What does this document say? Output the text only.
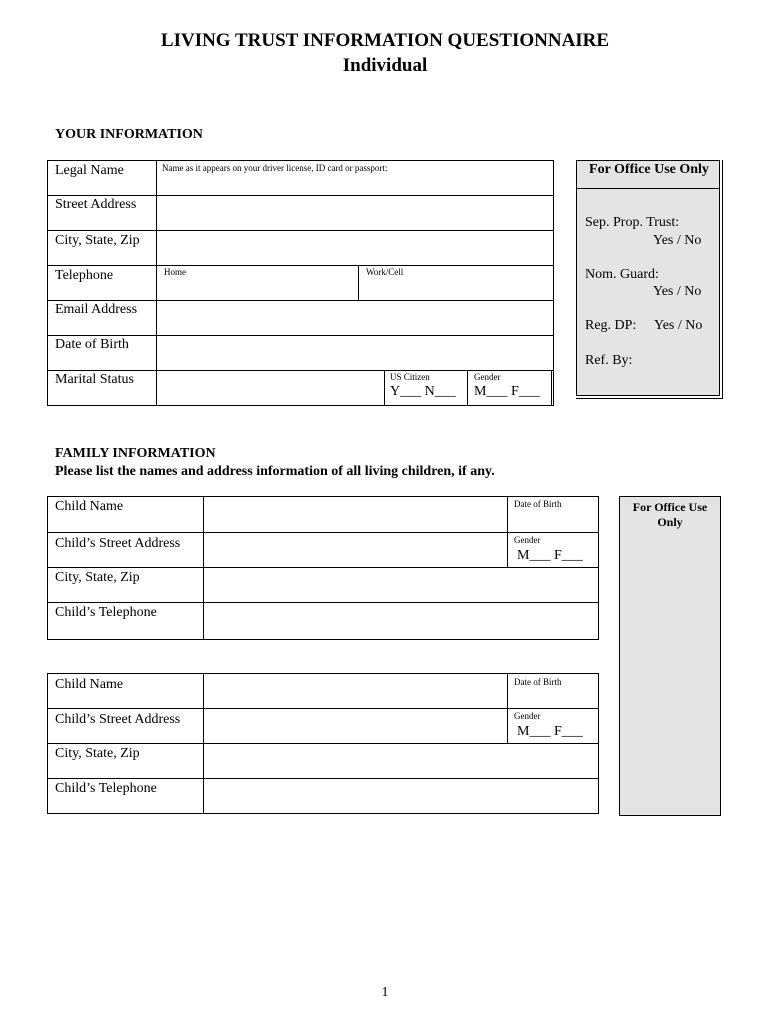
LIVING TRUST INFORMATION QUESTIONNAIRE
Individual
YOUR INFORMATION
Legal Name	Name as it appears on your driver license, ID card or passport:
Street Address
City, State, Zip
Telephone	Home	Work/Cell
Email Address
Date of Birth
Marital Status	US Citizen
Y___ N___
Gender
M___ F___
For Office Use Only
Sep. Prop. Trust:
Yes / No
Nom. Guard:
Yes / No
Reg. DP: Yes / No
Ref. By:
FAMILY INFORMATION
Please list the names and address information of all living children, if any.
Child Name	Date of Birth
Child’s Street Address	Gender
M___ F___
City, State, Zip
Child’s Telephone
Child Name	Date of Birth
Child’s Street Address	Gender
M___ F___
City, State, Zip
Child’s Telephone
For Office Use
Only
1
